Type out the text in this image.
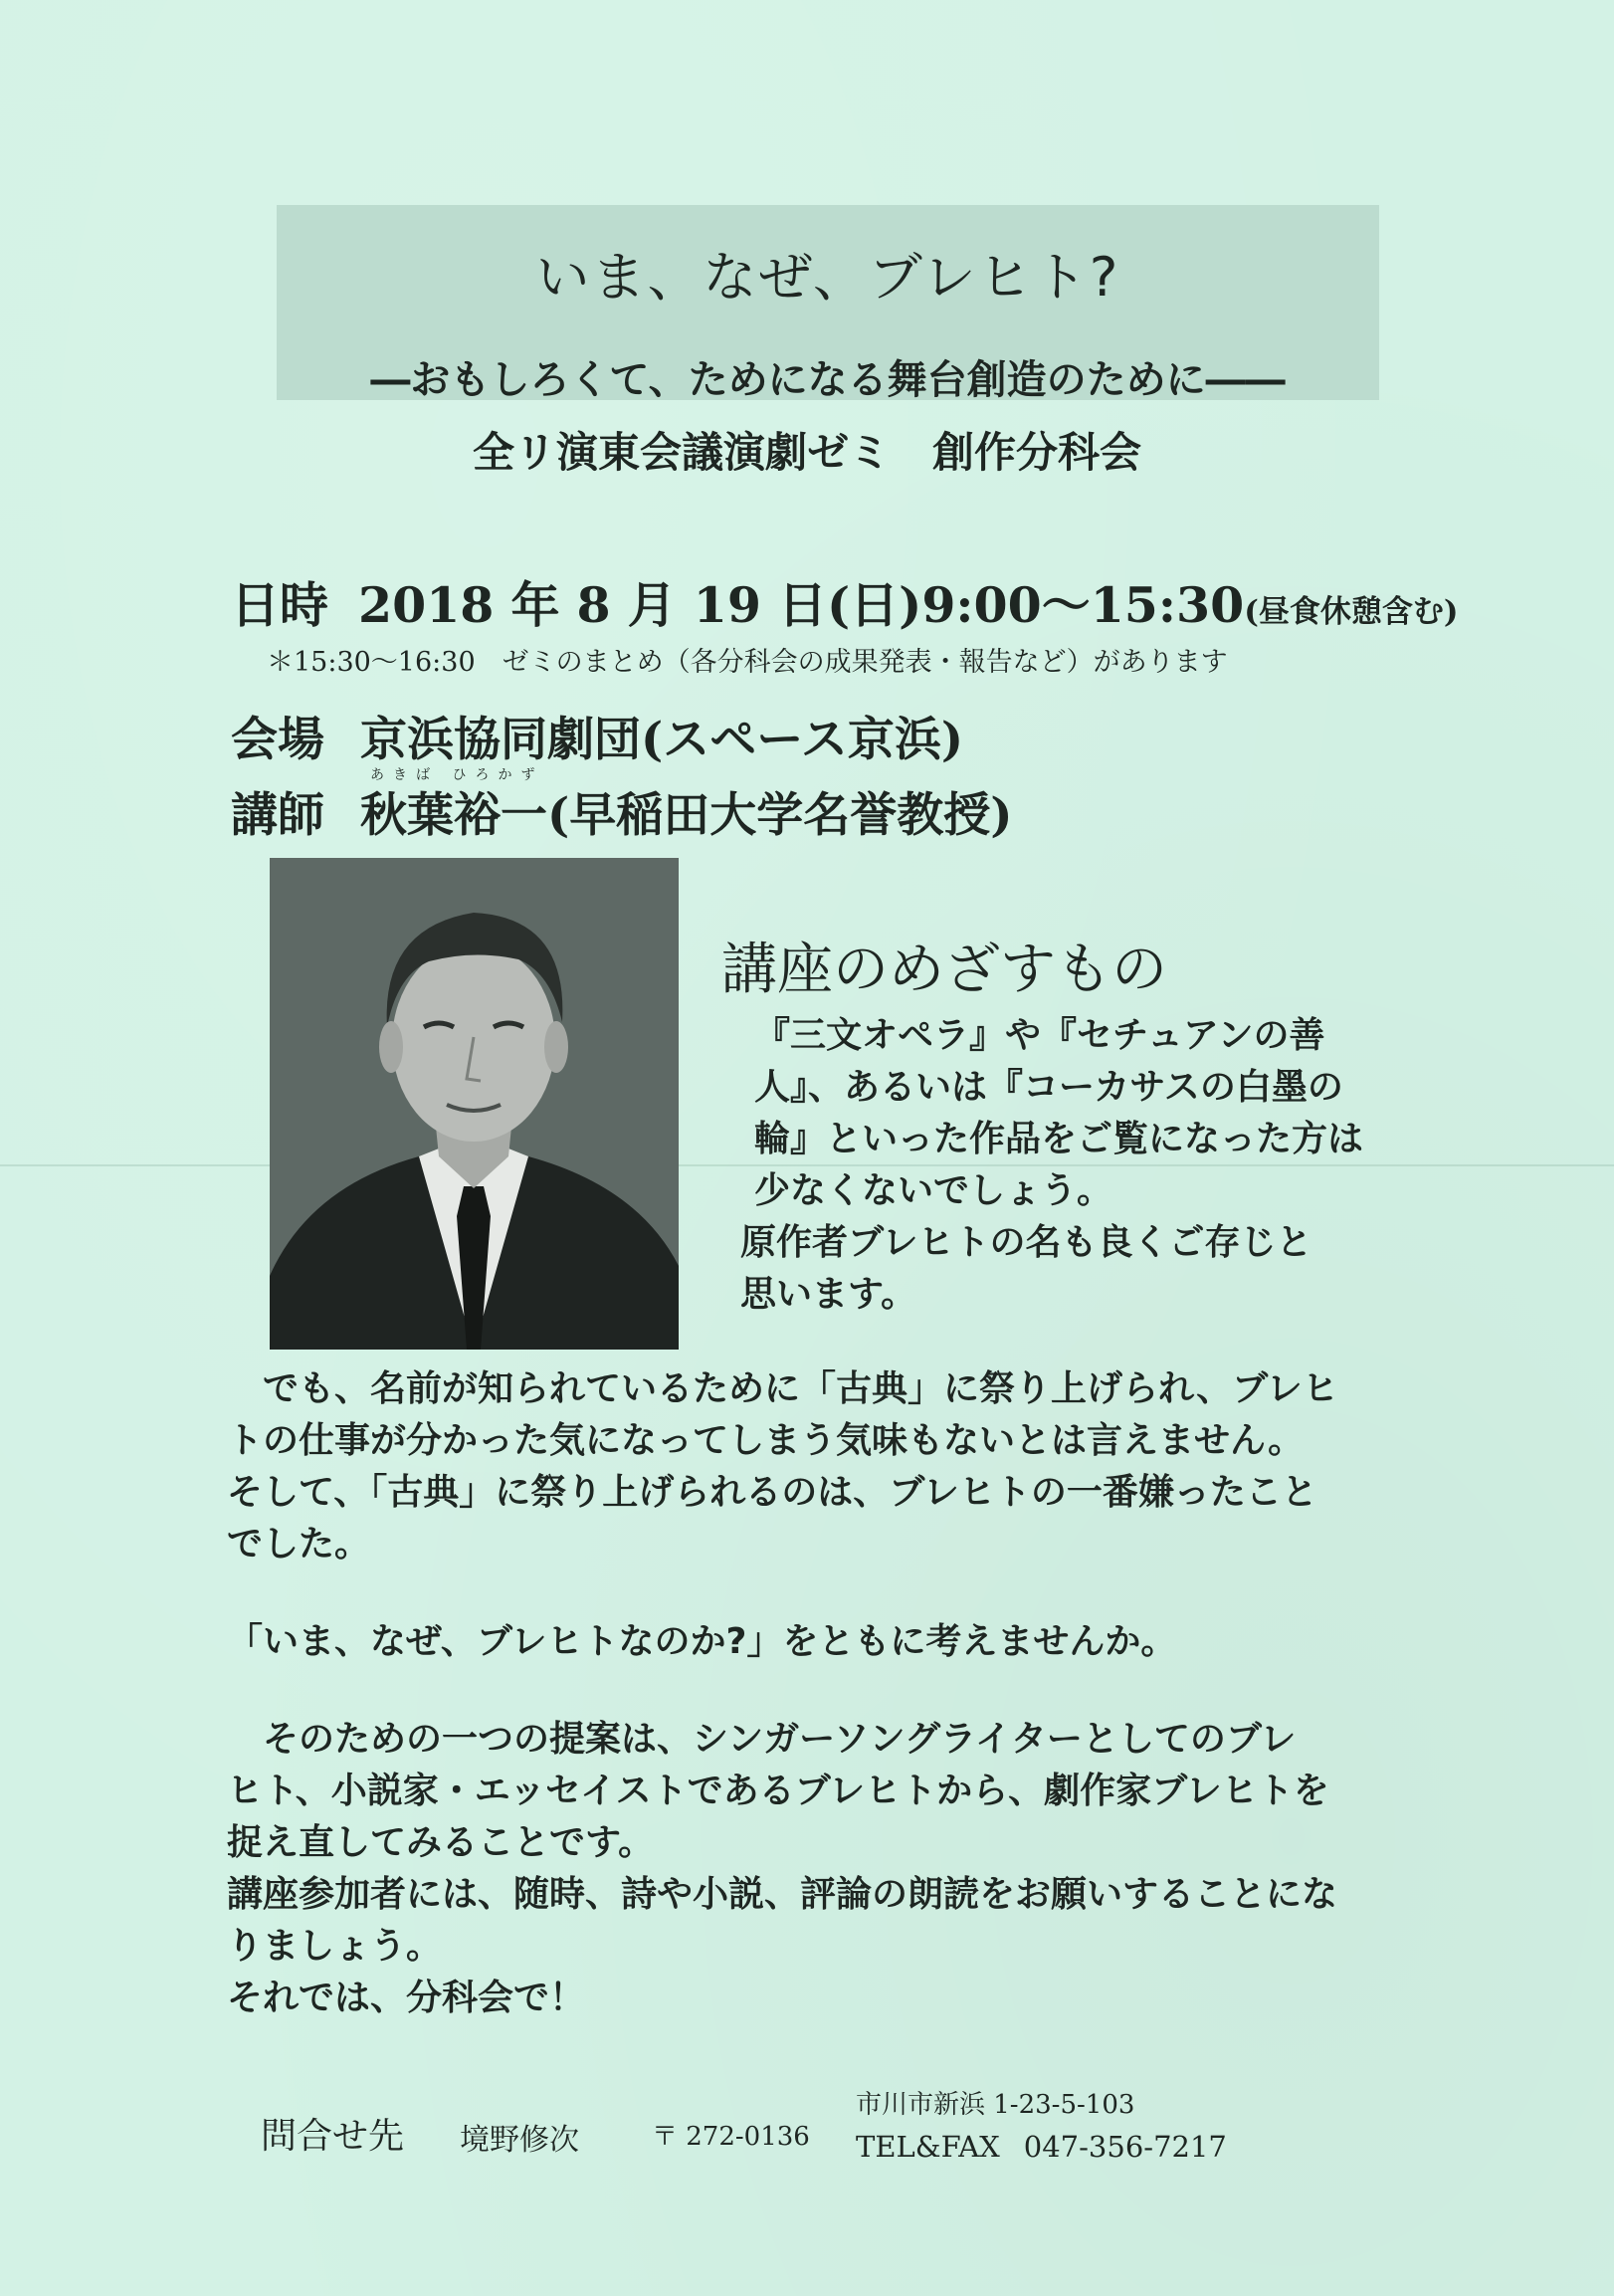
いま、なぜ、ブレヒト?
―おもしろくて、ためになる舞台創造のために――
全リ演東会議演劇ゼミ　創作分科会
日時 2018 年 8 月 19 日(日)9:00～15:30(昼食休憩含む)
＊15:30～16:30　ゼミのまとめ（各分科会の成果発表・報告など）があります
会場 京浜協同劇団(スペース京浜)
あきば ひろかず
講師 秋葉裕一(早稲田大学名誉教授)
講座のめざすもの
『三文オペラ』や『セチュアンの善
人』、あるいは『コーカサスの白墨の
輪』といった作品をご覧になった方は
少なくないでしょう。
原作者ブレヒトの名も良くご存じと
思います。
　でも、名前が知られているために「古典」に祭り上げられ、ブレヒ
トの仕事が分かった気になってしまう気味もないとは言えません。
そして、「古典」に祭り上げられるのは、ブレヒトの一番嫌ったこと
でした。
「いま、なぜ、ブレヒトなのか?」をともに考えませんか。
　そのための一つの提案は、シンガーソングライターとしてのブレ
ヒト、小説家・エッセイストであるブレヒトから、劇作家ブレヒトを
捉え直してみることです。
講座参加者には、随時、詩や小説、評論の朗読をお願いすることにな
りましょう。
それでは、分科会で！
問合せ先 境野修次	〒 272-0136
市川市新浜 1-23-5-103
TEL&FAX 047-356-7217
